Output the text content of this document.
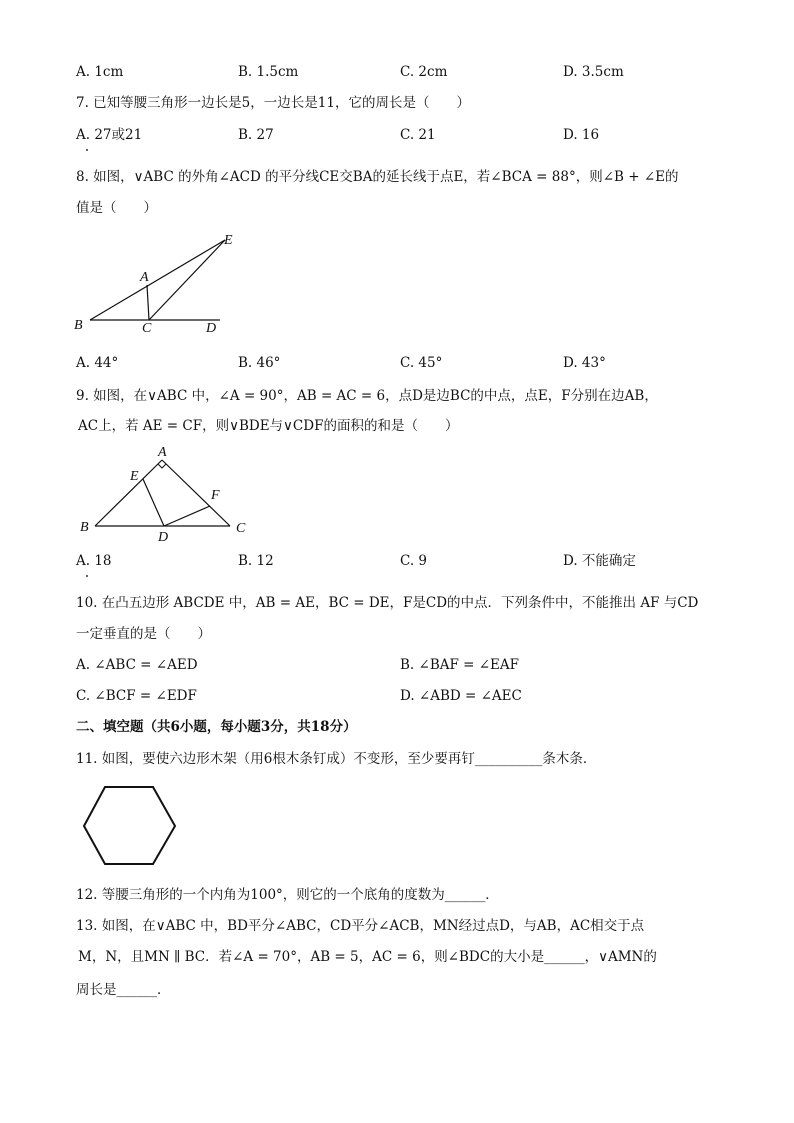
A. 1cm	B. 1.5cm	C. 2cm	D. 3.5cm
7. 已知等腰三角形一边长是5，一边长是11，它的周长是（　　）
A. 27或21	B. 27	C. 21	D. 16
8. 如图，∨ABC 的外角∠ACD 的平分线CE交BA的延长线于点E，若∠BCA = 88°，则∠B + ∠E的
值是（　　）
B
A
C	D
E
A. 44°	B. 46°	C. 45°	D. 43°
9. 如图，在∨ABC 中，∠A = 90°，AB = AC = 6，点D是边BC的中点，点E，F分别在边AB，
AC上，若 AE = CF，则∨BDE与∨CDF的面积的和是（　　）
B
A
E
F
D
C
A. 18	B. 12	C. 9	D. 不能确定
10. 在凸五边形 ABCDE 中，AB = AE，BC = DE，F是CD的中点．下列条件中，不能推出 AF 与CD
一定垂直的是（　　）
A. ∠ABC = ∠AED	B. ∠BAF = ∠EAF
C. ∠BCF = ∠EDF	D. ∠ABD = ∠AEC
二、填空题（共6小题，每小题3分，共18分）
11. 如图，要使六边形木架（用6根木条钉成）不变形，至少要再钉__________条木条．
12. 等腰三角形的一个内角为100°，则它的一个底角的度数为______．
13. 如图，在∨ABC 中，BD平分∠ABC，CD平分∠ACB，MN经过点D，与AB，AC相交于点
M，N，且MN ∥ BC．若∠A = 70°，AB = 5，AC = 6，则∠BDC的大小是______，∨AMN的
周长是______．
